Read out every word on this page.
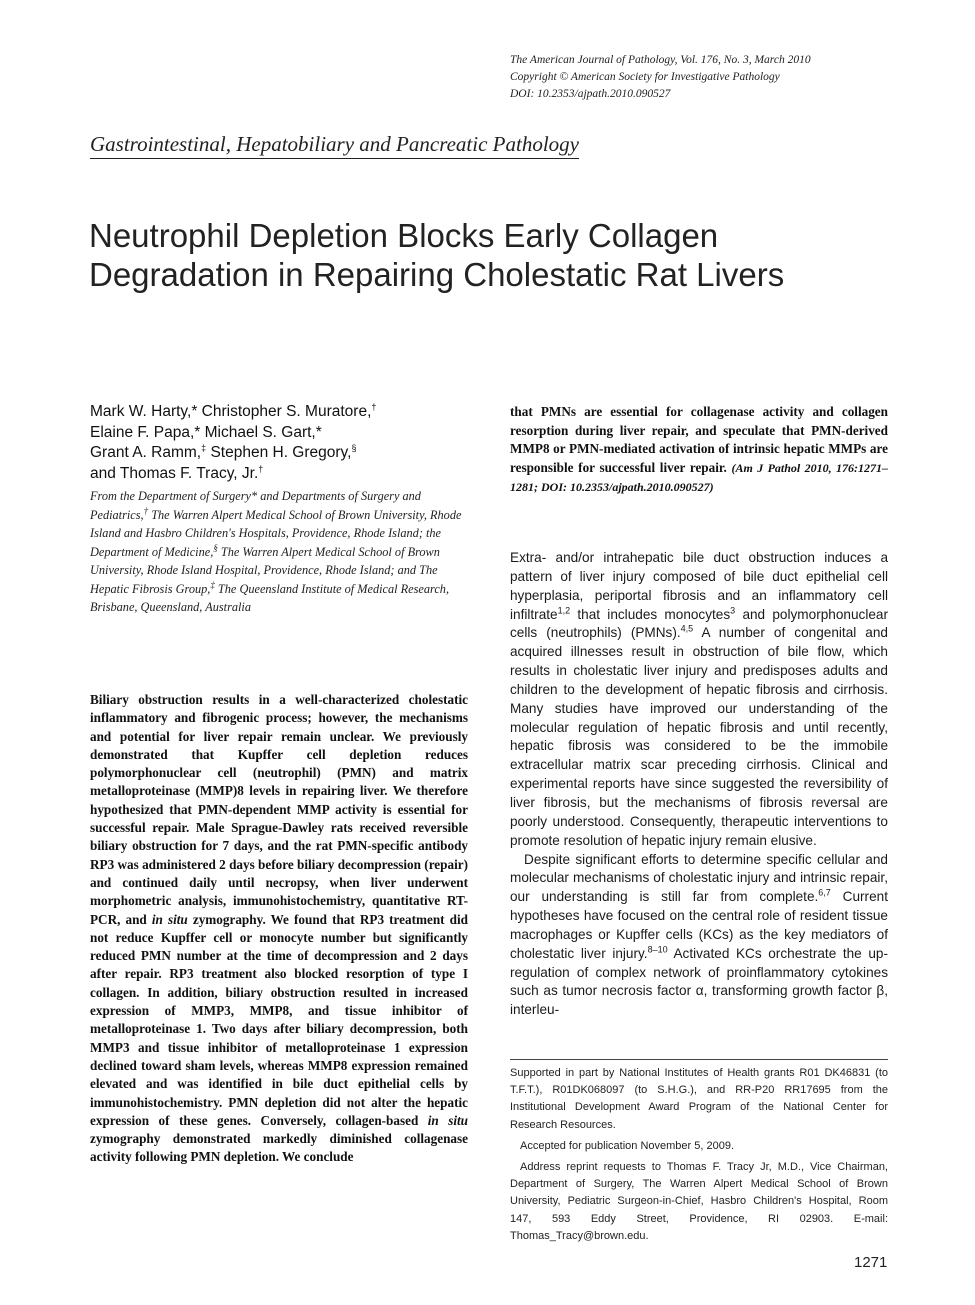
The American Journal of Pathology, Vol. 176, No. 3, March 2010
Copyright © American Society for Investigative Pathology
DOI: 10.2353/ajpath.2010.090527
Gastrointestinal, Hepatobiliary and Pancreatic Pathology
Neutrophil Depletion Blocks Early Collagen
Degradation in Repairing Cholestatic Rat Livers
Mark W. Harty,* Christopher S. Muratore,†
Elaine F. Papa,* Michael S. Gart,*
Grant A. Ramm,‡ Stephen H. Gregory,§
and Thomas F. Tracy, Jr.†
From the Department of Surgery* and Departments of Surgery and Pediatrics,† The Warren Alpert Medical School of Brown University, Rhode Island and Hasbro Children's Hospitals, Providence, Rhode Island; the Department of Medicine,§ The Warren Alpert Medical School of Brown University, Rhode Island Hospital, Providence, Rhode Island; and The Hepatic Fibrosis Group,‡ The Queensland Institute of Medical Research, Brisbane, Queensland, Australia
Biliary obstruction results in a well-characterized cholestatic inflammatory and fibrogenic process; however, the mechanisms and potential for liver repair remain unclear. We previously demonstrated that Kupffer cell depletion reduces polymorphonuclear cell (neutrophil) (PMN) and matrix metalloproteinase (MMP)8 levels in repairing liver. We therefore hypothesized that PMN-dependent MMP activity is essential for successful repair. Male Sprague-Dawley rats received reversible biliary obstruction for 7 days, and the rat PMN-specific antibody RP3 was administered 2 days before biliary decompression (repair) and continued daily until necropsy, when liver underwent morphometric analysis, immunohistochemistry, quantitative RT-PCR, and in situ zymography. We found that RP3 treatment did not reduce Kupffer cell or monocyte number but significantly reduced PMN number at the time of decompression and 2 days after repair. RP3 treatment also blocked resorption of type I collagen. In addition, biliary obstruction resulted in increased expression of MMP3, MMP8, and tissue inhibitor of metalloproteinase 1. Two days after biliary decompression, both MMP3 and tissue inhibitor of metalloproteinase 1 expression declined toward sham levels, whereas MMP8 expression remained elevated and was identified in bile duct epithelial cells by immunohistochemistry. PMN depletion did not alter the hepatic expression of these genes. Conversely, collagen-based in situ zymography demonstrated markedly diminished collagenase activity following PMN depletion. We conclude
that PMNs are essential for collagenase activity and collagen resorption during liver repair, and speculate that PMN-derived MMP8 or PMN-mediated activation of intrinsic hepatic MMPs are responsible for successful liver repair. (Am J Pathol 2010, 176:1271–1281; DOI: 10.2353/ajpath.2010.090527)

Extra- and/or intrahepatic bile duct obstruction induces a pattern of liver injury composed of bile duct epithelial cell hyperplasia, periportal fibrosis and an inflammatory cell infiltrate$^{1,2}$ that includes monocytes$^3$ and polymorphonuclear cells (neutrophils) (PMNs).$^{4,5}$ A number of congenital and acquired illnesses result in obstruction of bile flow, which results in cholestatic liver injury and predisposes adults and children to the development of hepatic fibrosis and cirrhosis. Many studies have improved our understanding of the molecular regulation of hepatic fibrosis and until recently, hepatic fibrosis was considered to be the immobile extracellular matrix scar preceding cirrhosis. Clinical and experimental reports have since suggested the reversibility of liver fibrosis, but the mechanisms of fibrosis reversal are poorly understood. Consequently, therapeutic interventions to promote resolution of hepatic injury remain elusive.

Despite significant efforts to determine specific cellular and molecular mechanisms of cholestatic injury and intrinsic repair, our understanding is still far from complete.$^{6,7}$ Current hypotheses have focused on the central role of resident tissue macrophages or Kupffer cells (KCs) as the key mediators of cholestatic liver injury.$^{8-10}$ Activated KCs orchestrate the up-regulation of complex network of proinflammatory cytokines such as tumor necrosis factor α, transforming growth factor β, interleu-

Supported in part by National Institutes of Health grants R01 DK46831 (to T.F.T.), R01DK068097 (to S.H.G.), and RR-P20 RR17695 from the Institutional Development Award Program of the National Center for Research Resources.

Accepted for publication November 5, 2009.

Address reprint requests to Thomas F. Tracy Jr, M.D., Vice Chairman, Department of Surgery, The Warren Alpert Medical School of Brown University, Pediatric Surgeon-in-Chief, Hasbro Children's Hospital, Room 147, 593 Eddy Street, Providence, RI 02903. E-mail: Thomas_Tracy@brown.edu.

1271
